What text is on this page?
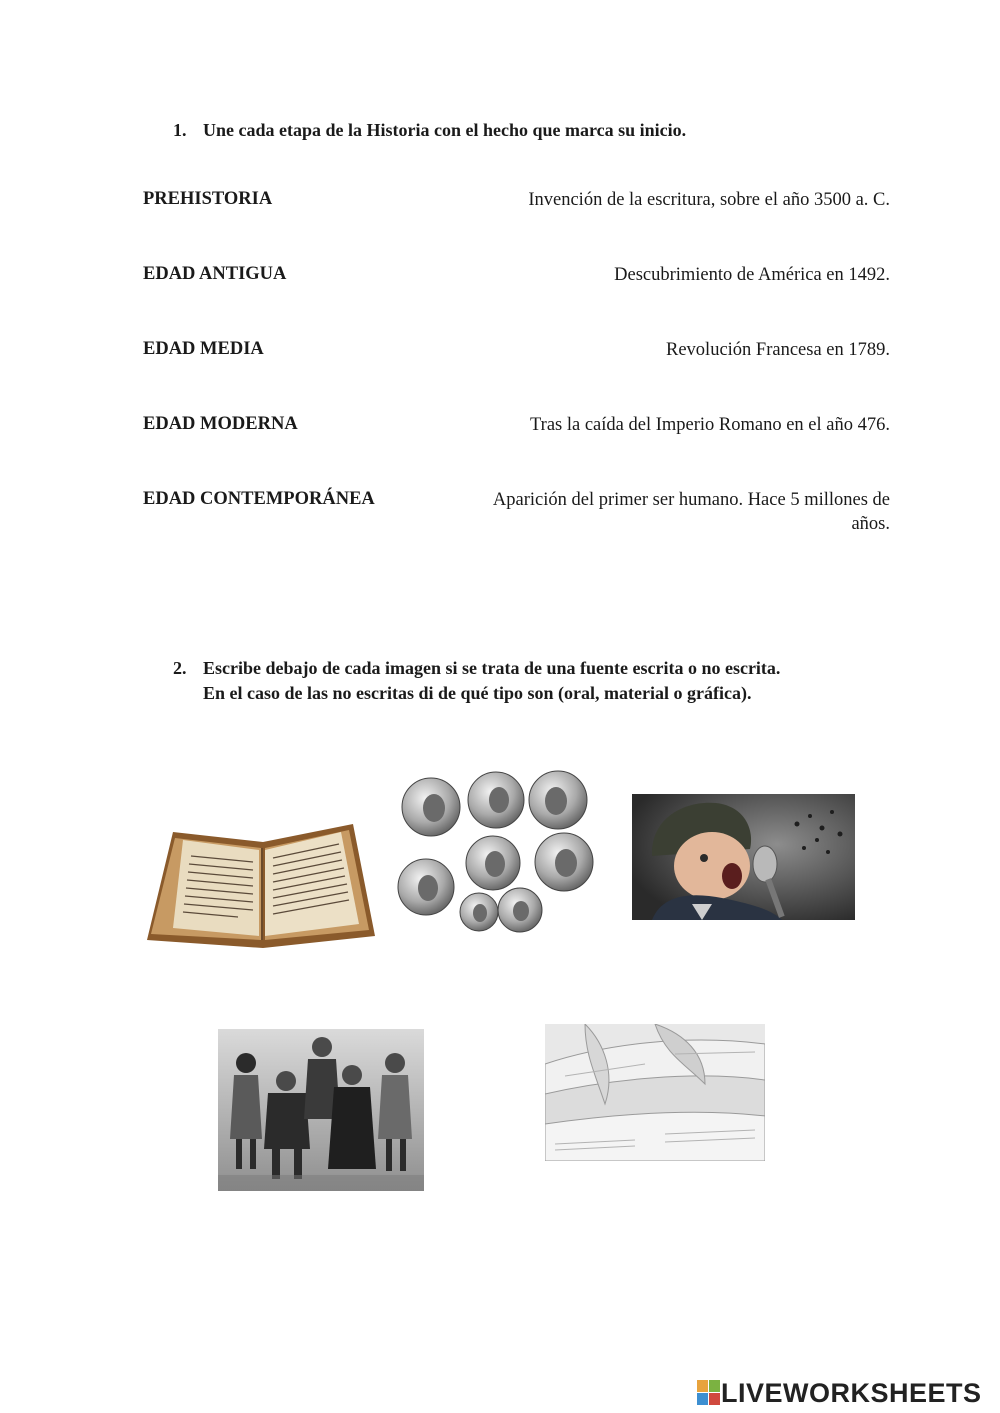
1. Une cada etapa de la Historia con el hecho que marca su inicio.
PREHISTORIA
EDAD ANTIGUA
EDAD MEDIA
EDAD MODERNA
EDAD CONTEMPORÁNEA
Invención de la escritura, sobre el año 3500 a. C.
Descubrimiento de América en 1492.
Revolución Francesa en 1789.
Tras la caída del Imperio Romano en el año 476.
Aparición del primer ser humano. Hace 5 millones de
años.
2. Escribe debajo de cada imagen si se trata de una fuente escrita o no escrita.
En el caso de las no escritas di de qué tipo son (oral, material o gráfica).
LIVEWORKSHEETS
